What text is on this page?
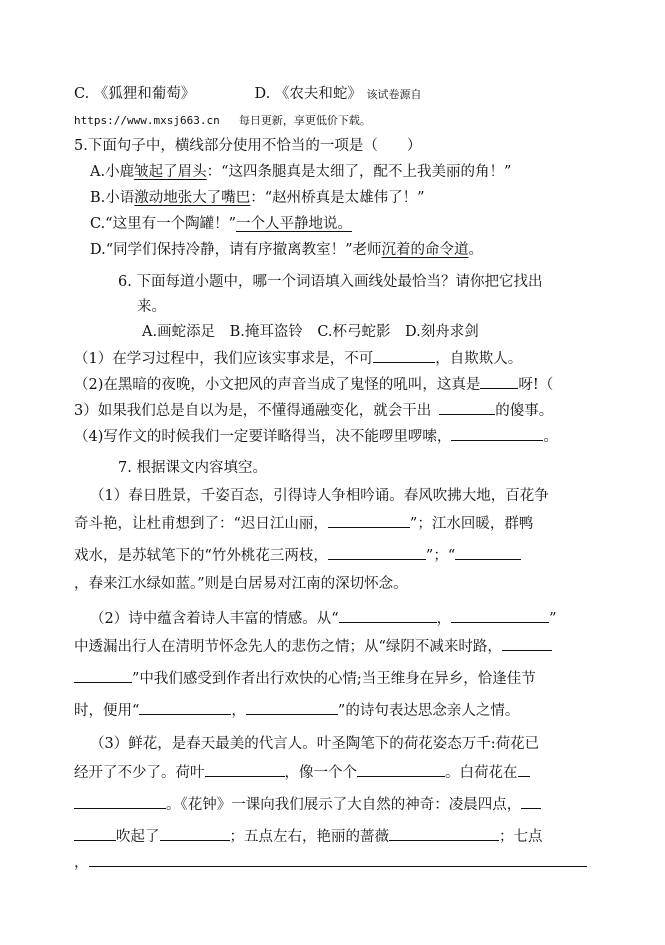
C. 《狐狸和葡萄》	D. 《农夫和蛇》 该试卷源自
https://www.mxsj663.cn 每日更新，享更低价下载。
5.下面句子中，横线部分使用不恰当的一项是（　　）
A.小鹿皱起了眉头：“这四条腿真是太细了，配不上我美丽的角！”
B.小语激动地张大了嘴巴：“赵州桥真是太雄伟了！”
C.“这里有一个陶罐！”一个人平静地说。
D.“同学们保持冷静，请有序撤离教室！”老师沉着的命令道。
6. 下面每道小题中，哪一个词语填入画线处最恰当？请你把它找出
来。
A.画蛇添足　B.掩耳盗铃　C.杯弓蛇影　D.刻舟求剑
（1）在学习过程中，我们应该实事求是，不可	，自欺欺人。
（2)在黑暗的夜晚，小文把风的声音当成了鬼怪的吼叫，这真是	呀!（
3）如果我们总是自以为是，不懂得通融变化，就会干出	的傻事。
（4)写作文的时候我们一定要详略得当，决不能啰里啰嗦，	。
7. 根据课文内容填空。
（1）春日胜景，千姿百态，引得诗人争相吟诵。春风吹拂大地，百花争
奇斗艳，让杜甫想到了：“迟日江山丽，	”；江水回暖，群鸭
戏水，是苏轼笔下的“竹外桃花三两枝，	”；“
，春来江水绿如蓝。”则是白居易对江南的深切怀念。
（2）诗中蕴含着诗人丰富的情感。从“	，	”
中透漏出行人在清明节怀念先人的悲伤之情；从“绿阴不减来时路，
”中我们感受到作者出行欢快的心情;当王维身在异乡，恰逢佳节
时，便用“	，	”的诗句表达思念亲人之情。
（3）鲜花，是春天最美的代言人。叶圣陶笔下的荷花姿态万千:荷花已
经开了不少了。荷叶	，像一个个	。白荷花在
。《花钟》一课向我们展示了大自然的神奇：凌晨四点，
吹起了	；五点左右，艳丽的蔷薇	；七点
，
